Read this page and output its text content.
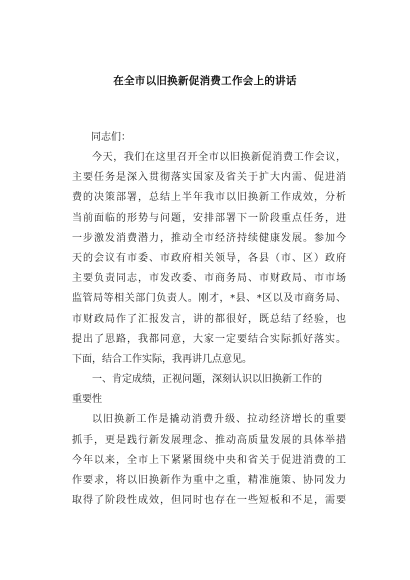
在全市以旧换新促消费工作会上的讲话
同志们：
今天，我们在这里召开全市以旧换新促消费工作会议，
主要任务是深入贯彻落实国家及省关于扩大内需、促进消
费的决策部署，总结上半年我市以旧换新工作成效，分析
当前面临的形势与问题，安排部署下一阶段重点任务，进
一步激发消费潜力，推动全市经济持续健康发展。参加今
天的会议有市委、市政府相关领导，各县（市、区）政府
主要负责同志，市发改委、市商务局、市财政局、市市场
监管局等相关部门负责人。刚才，*县、*区以及市商务局、
市财政局作了汇报发言，讲的都很好，既总结了经验，也
提出了思路，我都同意，大家一定要结合实际抓好落实。
下面，结合工作实际，我再讲几点意见。
一、肯定成绩，正视问题，深刻认识以旧换新工作的
重要性
以旧换新工作是撬动消费升级、拉动经济增长的重要
抓手，更是践行新发展理念、推动高质量发展的具体举措
今年以来，全市上下紧紧围绕中央和省关于促进消费的工
作要求，将以旧换新作为重中之重，精准施策、协同发力
取得了阶段性成效，但同时也存在一些短板和不足，需要
